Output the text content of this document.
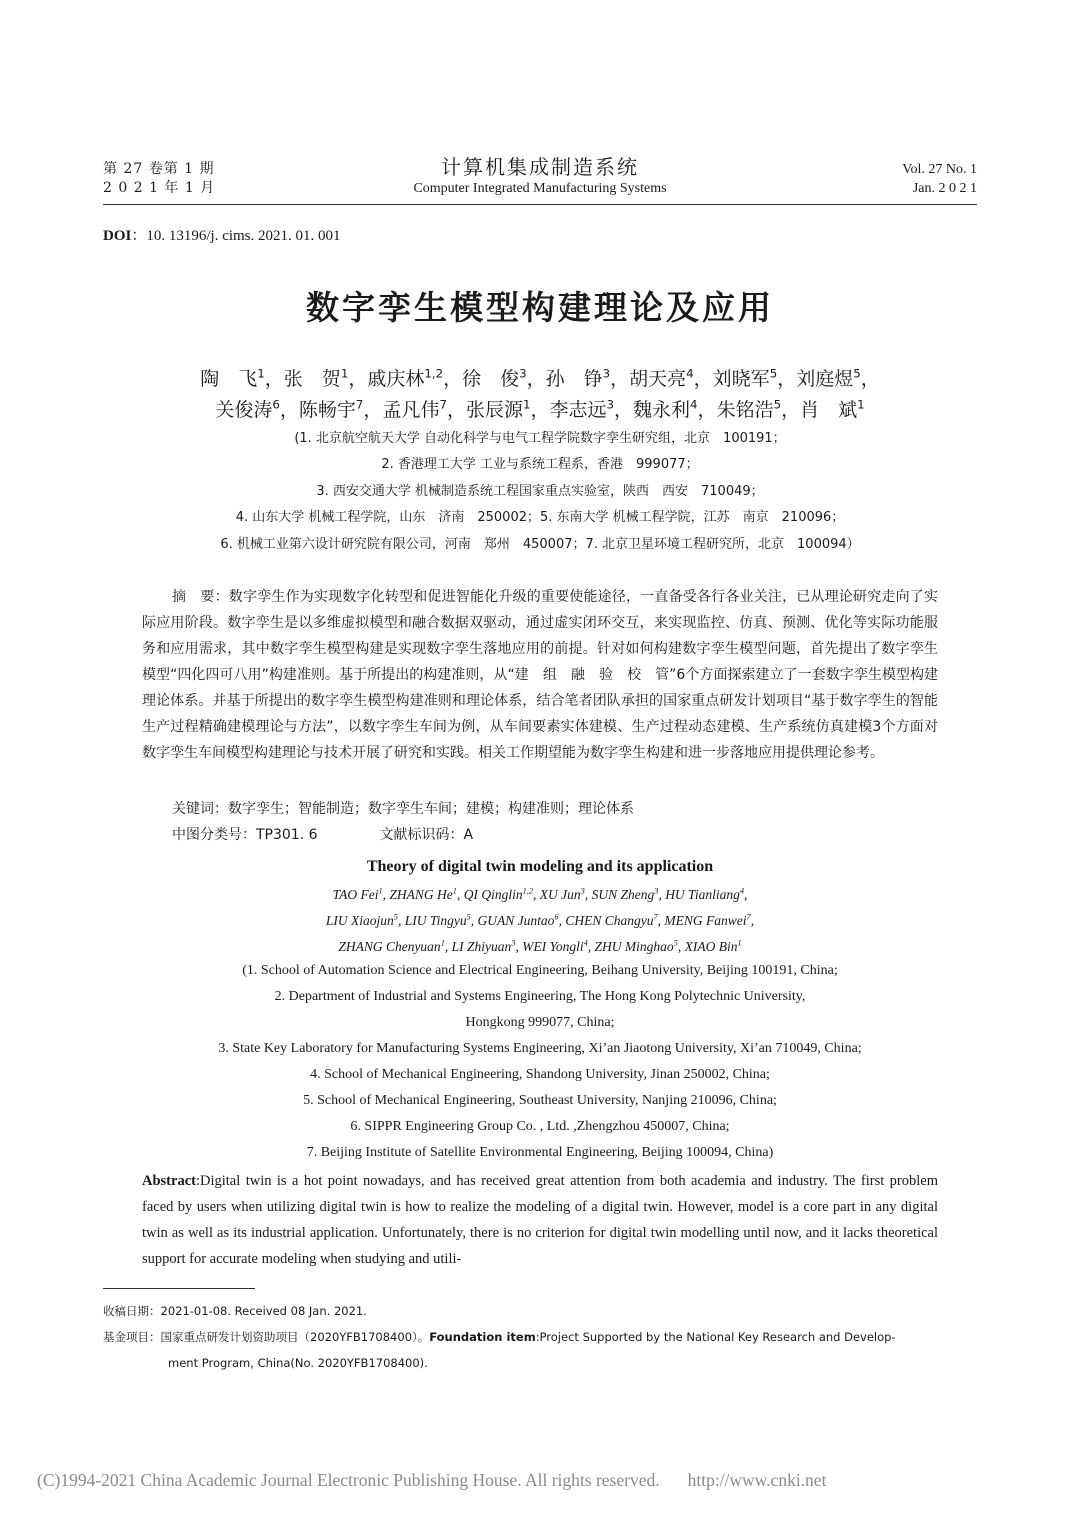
第 27 卷第 1 期
2 0 2 1 年 1 月
计算机集成制造系统
Computer Integrated Manufacturing Systems
Vol. 27 No. 1
Jan. 2 0 2 1
DOI：10. 13196/j. cims. 2021. 01. 001
数字孪生模型构建理论及应用
陶　飞$^1$，张　贺$^1$，戚庆林$^{1,2}$，徐　俊$^3$，孙　铮$^3$，胡天亮$^4$，刘晓军$^5$，刘庭煜$^5$，
关俊涛$^6$，陈畅宇$^7$，孟凡伟$^7$，张辰源$^1$，李志远$^3$，魏永利$^4$，朱铭浩$^5$，肖　斌$^1$
(1. 北京航空航天大学 自动化科学与电气工程学院数字孪生研究组，北京　100191；
2. 香港理工大学 工业与系统工程系，香港　999077；
3. 西安交通大学 机械制造系统工程国家重点实验室，陕西　西安　710049；
4. 山东大学 机械工程学院，山东　济南　250002；5. 东南大学 机械工程学院，江苏　南京　210096；
6. 机械工业第六设计研究院有限公司，河南　郑州　450007；7. 北京卫星环境工程研究所，北京　100094）

摘　要：数字孪生作为实现数字化转型和促进智能化升级的重要使能途径，一直备受各行各业关注，已从理论研究走向了实际应用阶段。数字孪生是以多维虚拟模型和融合数据双驱动，通过虚实闭环交互，来实现监控、仿真、预测、优化等实际功能服务和应用需求，其中数字孪生模型构建是实现数字孪生落地应用的前提。针对如何构建数字孪生模型问题，首先提出了数字孪生模型“四化四可八用”构建准则。基于所提出的构建准则，从“建　组　融　验　校　管”6个方面探索建立了一套数字孪生模型构建理论体系。并基于所提出的数字孪生模型构建准则和理论体系，结合笔者团队承担的国家重点研发计划项目“基于数字孪生的智能生产过程精确建模理论与方法”，以数字孪生车间为例，从车间要素实体建模、生产过程动态建模、生产系统仿真建模3个方面对数字孪生车间模型构建理论与技术开展了研究和实践。相关工作期望能为数字孪生构建和进一步落地应用提供理论参考。

关键词：数字孪生；智能制造；数字孪生车间；建模；构建准则；理论体系
中图分类号：TP301. 6	文献标识码：A
Theory of digital twin modeling and its application
TAO Fei$^1$, ZHANG He$^1$, QI Qinglin$^{1,2}$, XU Jun$^3$, SUN Zheng$^3$, HU Tianliang$^4$,
LIU Xiaojun$^5$, LIU Tingyu$^5$, GUAN Juntao$^6$, CHEN Changyu$^7$, MENG Fanwei$^7$,
ZHANG Chenyuan$^1$, LI Zhiyuan$^3$, WEI Yongli$^4$, ZHU Minghao$^5$, XIAO Bin$^1$
(1. School of Automation Science and Electrical Engineering, Beihang University, Beijing 100191, China;
2. Department of Industrial and Systems Engineering, The Hong Kong Polytechnic University,
Hongkong 999077, China;
3. State Key Laboratory for Manufacturing Systems Engineering, Xi’an Jiaotong University, Xi’an 710049, China;
4. School of Mechanical Engineering, Shandong University, Jinan 250002, China;
5. School of Mechanical Engineering, Southeast University, Nanjing 210096, China;
6. SIPPR Engineering Group Co. , Ltd. ,Zhengzhou 450007, China;
7. Beijing Institute of Satellite Environmental Engineering, Beijing 100094, China)
Abstract:Digital twin is a hot point nowadays, and has received great attention from both academia and industry. The first problem faced by users when utilizing digital twin is how to realize the modeling of a digital twin. However, model is a core part in any digital twin as well as its industrial application. Unfortunately, there is no criterion for digital twin modelling until now, and it lacks theoretical support for accurate modeling when studying and utili-
收稿日期：2021-01-08. Received 08 Jan. 2021.
基金项目：国家重点研发计划资助项目（2020YFB1708400）。Foundation item:Project Supported by the National Key Research and Develop-
ment Program, China(No. 2020YFB1708400).
(C)1994-2021 China Academic Journal Electronic Publishing House. All rights reserved. http://www.cnki.net
